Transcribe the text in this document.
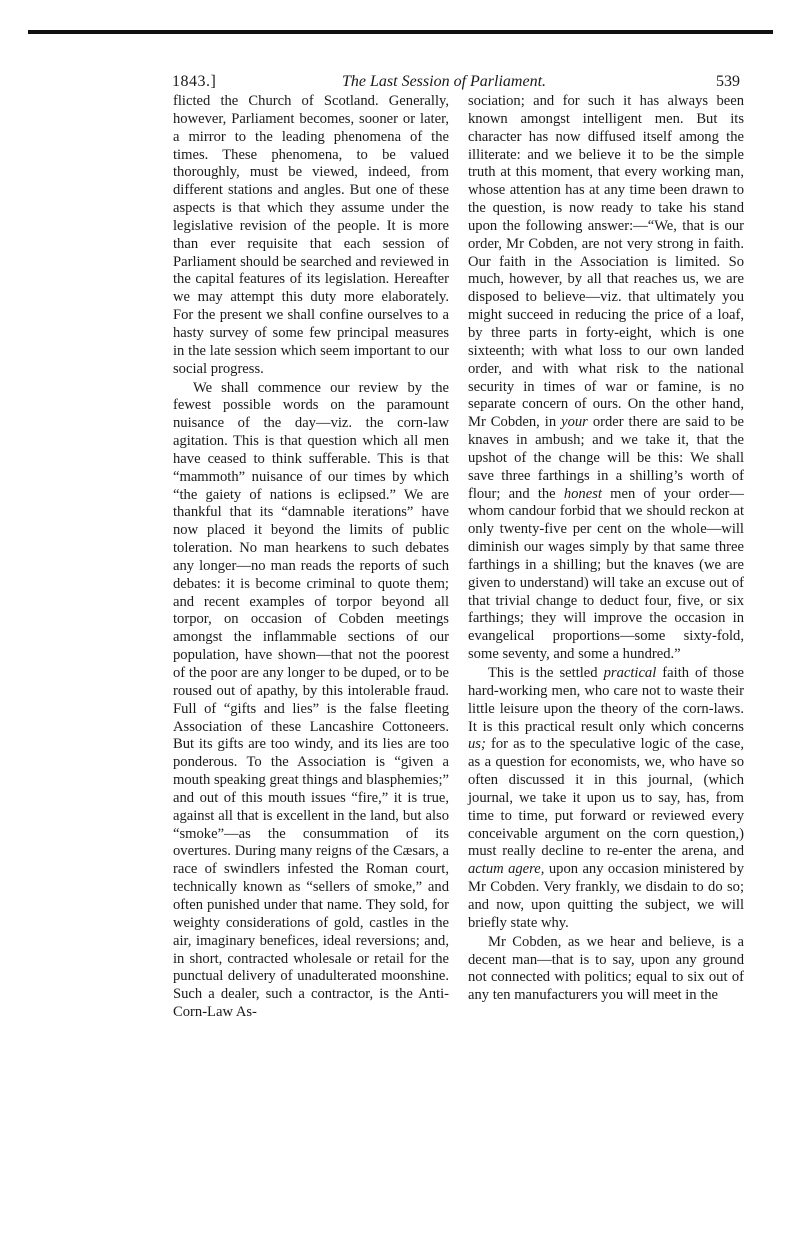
1843.]	The Last Session of Parliament.	539

flicted the Church of Scotland. Generally, however, Parliament becomes, sooner or later, a mirror to the leading phenomena of the times. These phenomena, to be valued thoroughly, must be viewed, indeed, from different stations and angles. But one of these aspects is that which they assume under the legislative revision of the people. It is more than ever requisite that each session of Parliament should be searched and reviewed in the capital features of its legislation. Hereafter we may attempt this duty more elaborately. For the present we shall confine ourselves to a hasty survey of some few principal measures in the late session which seem important to our social progress.

We shall commence our review by the fewest possible words on the paramount nuisance of the day—viz. the corn-law agitation. This is that question which all men have ceased to think sufferable. This is that “mammoth” nuisance of our times by which “the gaiety of nations is eclipsed.” We are thankful that its “damnable iterations” have now placed it beyond the limits of public toleration. No man hearkens to such debates any longer—no man reads the reports of such debates: it is become criminal to quote them; and recent examples of torpor beyond all torpor, on occasion of Cobden meetings amongst the inflammable sections of our population, have shown—that not the poorest of the poor are any longer to be duped, or to be roused out of apathy, by this intolerable fraud. Full of “gifts and lies” is the false fleeting Association of these Lancashire Cottoneers. But its gifts are too windy, and its lies are too ponderous. To the Association is “given a mouth speaking great things and blasphemies;” and out of this mouth issues “fire,” it is true, against all that is excellent in the land, but also “smoke”—as the consummation of its overtures. During many reigns of the Cæsars, a race of swindlers infested the Roman court, technically known as “sellers of smoke,” and often punished under that name. They sold, for weighty considerations of gold, castles in the air, imaginary benefices, ideal reversions; and, in short, contracted wholesale or retail for the punctual delivery of unadulterated moonshine. Such a dealer, such a contractor, is the Anti-Corn-Law As-

sociation; and for such it has always been known amongst intelligent men. But its character has now diffused itself among the illiterate: and we believe it to be the simple truth at this moment, that every working man, whose attention has at any time been drawn to the question, is now ready to take his stand upon the following answer:—“We, that is our order, Mr Cobden, are not very strong in faith. Our faith in the Association is limited. So much, however, by all that reaches us, we are disposed to believe—viz. that ultimately you might succeed in reducing the price of a loaf, by three parts in forty-eight, which is one sixteenth; with what loss to our own landed order, and with what risk to the national security in times of war or famine, is no separate concern of ours. On the other hand, Mr Cobden, in your order there are said to be knaves in ambush; and we take it, that the upshot of the change will be this: We shall save three farthings in a shilling’s worth of flour; and the honest men of your order—whom candour forbid that we should reckon at only twenty-five per cent on the whole—will diminish our wages simply by that same three farthings in a shilling; but the knaves (we are given to understand) will take an excuse out of that trivial change to deduct four, five, or six farthings; they will improve the occasion in evangelical proportions—some sixty-fold, some seventy, and some a hundred.”

This is the settled practical faith of those hard-working men, who care not to waste their little leisure upon the theory of the corn-laws. It is this practical result only which concerns us; for as to the speculative logic of the case, as a question for economists, we, who have so often discussed it in this journal, (which journal, we take it upon us to say, has, from time to time, put forward or reviewed every conceivable argument on the corn question,) must really decline to re-enter the arena, and actum agere, upon any occasion ministered by Mr Cobden. Very frankly, we disdain to do so; and now, upon quitting the subject, we will briefly state why.

Mr Cobden, as we hear and believe, is a decent man—that is to say, upon any ground not connected with politics; equal to six out of any ten manufacturers you will meet in the
